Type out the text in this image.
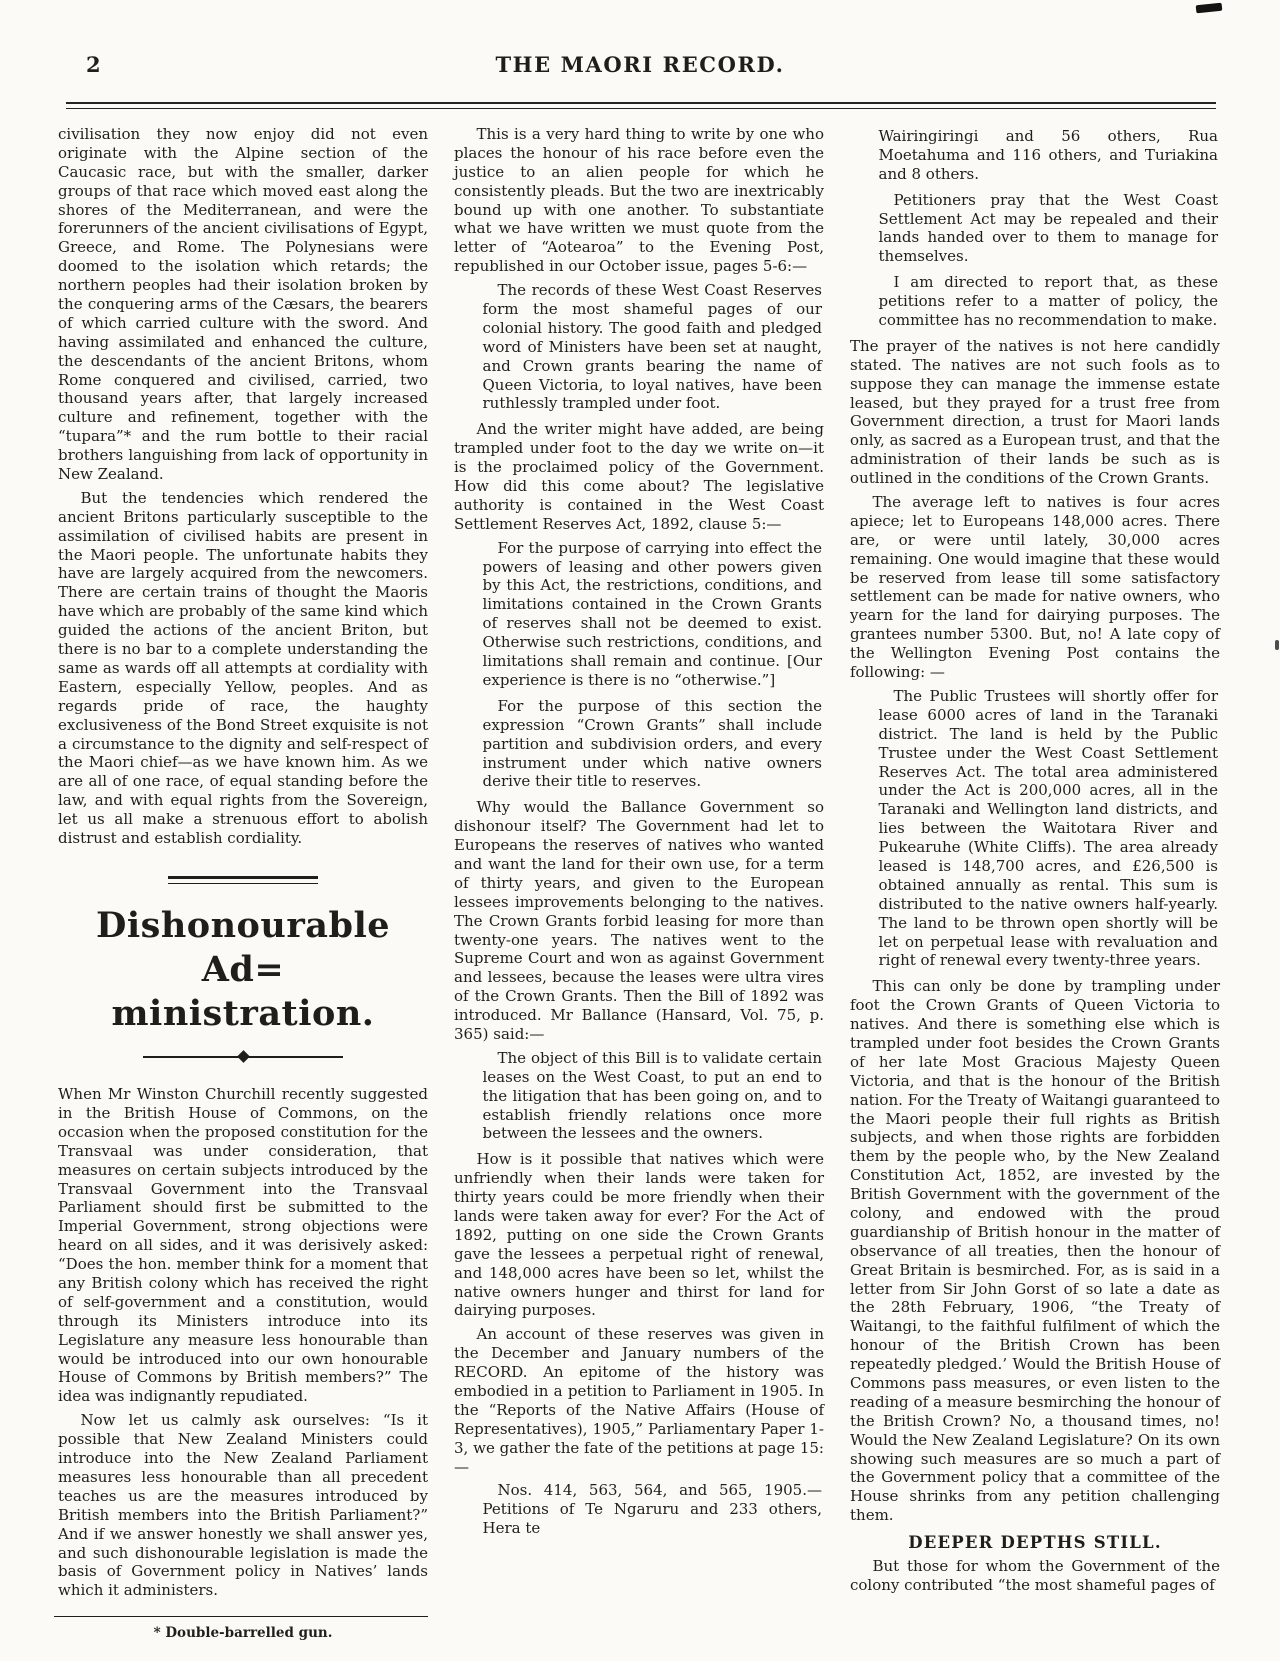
2	THE MAORI RECORD.

civilisation they now enjoy did not even originate with the Alpine section of the Caucasic race, but with the smaller, darker groups of that race which moved east along the shores of the Mediterranean, and were the forerunners of the ancient civilisations of Egypt, Greece, and Rome. The Polynesians were doomed to the isolation which retards; the northern peoples had their isolation broken by the conquering arms of the Cæsars, the bearers of which carried culture with the sword. And having assimilated and enhanced the culture, the descendants of the ancient Britons, whom Rome conquered and civilised, carried, two thousand years after, that largely increased culture and refinement, together with the “tupara”* and the rum bottle to their racial brothers languishing from lack of opportunity in New Zealand.

But the tendencies which rendered the ancient Britons particularly susceptible to the assimilation of civilised habits are present in the Maori people. The unfortunate habits they have are largely acquired from the newcomers. There are certain trains of thought the Maoris have which are probably of the same kind which guided the actions of the ancient Briton, but there is no bar to a complete understanding the same as wards off all attempts at cordiality with Eastern, especially Yellow, peoples. And as regards pride of race, the haughty exclusiveness of the Bond Street exquisite is not a circumstance to the dignity and self-respect of the Maori chief—as we have known him. As we are all of one race, of equal standing before the law, and with equal rights from the Sovereign, let us all make a strenuous effort to abolish distrust and establish cordiality.

Dishonourable Ad=
ministration.

When Mr Winston Churchill recently suggested in the British House of Commons, on the occasion when the proposed constitution for the Transvaal was under consideration, that measures on certain subjects introduced by the Transvaal Government into the Transvaal Parliament should first be submitted to the Imperial Government, strong objections were heard on all sides, and it was derisively asked: “Does the hon. member think for a moment that any British colony which has received the right of self-government and a constitution, would through its Ministers introduce into its Legislature any measure less honourable than would be introduced into our own honourable House of Commons by British members?” The idea was indignantly repudiated.

Now let us calmly ask ourselves: “Is it possible that New Zealand Ministers could introduce into the New Zealand Parliament measures less honourable than all precedent teaches us are the measures introduced by British members into the British Parliament?” And if we answer honestly we shall answer yes, and such dishonourable legislation is made the basis of Government policy in Natives’ lands which it administers.

* Double-barrelled gun.

This is a very hard thing to write by one who places the honour of his race before even the justice to an alien people for which he consistently pleads. But the two are inextricably bound up with one another. To substantiate what we have written we must quote from the letter of “Aotearoa” to the Evening Post, republished in our October issue, pages 5-6:—

The records of these West Coast Reserves form the most shameful pages of our colonial history. The good faith and pledged word of Ministers have been set at naught, and Crown grants bearing the name of Queen Victoria, to loyal natives, have been ruthlessly trampled under foot.

And the writer might have added, are being trampled under foot to the day we write on—it is the proclaimed policy of the Government. How did this come about? The legislative authority is contained in the West Coast Settlement Reserves Act, 1892, clause 5:—

For the purpose of carrying into effect the powers of leasing and other powers given by this Act, the restrictions, conditions, and limitations contained in the Crown Grants of reserves shall not be deemed to exist. Otherwise such restrictions, conditions, and limitations shall remain and continue. [Our experience is there is no “otherwise.”]

For the purpose of this section the expression “Crown Grants” shall include partition and subdivision orders, and every instrument under which native owners derive their title to reserves.

Why would the Ballance Government so dishonour itself? The Government had let to Europeans the reserves of natives who wanted and want the land for their own use, for a term of thirty years, and given to the European lessees improvements belonging to the natives. The Crown Grants forbid leasing for more than twenty-one years. The natives went to the Supreme Court and won as against Government and lessees, because the leases were ultra vires of the Crown Grants. Then the Bill of 1892 was introduced. Mr Ballance (Hansard, Vol. 75, p. 365) said:—

The object of this Bill is to validate certain leases on the West Coast, to put an end to the litigation that has been going on, and to establish friendly relations once more between the lessees and the owners.

How is it possible that natives which were unfriendly when their lands were taken for thirty years could be more friendly when their lands were taken away for ever? For the Act of 1892, putting on one side the Crown Grants gave the lessees a perpetual right of renewal, and 148,000 acres have been so let, whilst the native owners hunger and thirst for land for dairying purposes.

An account of these reserves was given in the December and January numbers of the RECORD. An epitome of the history was embodied in a petition to Parliament in 1905. In the “Reports of the Native Affairs (House of Representatives), 1905,” Parliamentary Paper 1-3, we gather the fate of the petitions at page 15:—

Nos. 414, 563, 564, and 565, 1905.—Petitions of Te Ngaruru and 233 others, Hera te

Wairingiringi and 56 others, Rua Moetahuma and 116 others, and Turiakina and 8 others.

Petitioners pray that the West Coast Settlement Act may be repealed and their lands handed over to them to manage for themselves.

I am directed to report that, as these petitions refer to a matter of policy, the committee has no recommendation to make.

The prayer of the natives is not here candidly stated. The natives are not such fools as to suppose they can manage the immense estate leased, but they prayed for a trust free from Government direction, a trust for Maori lands only, as sacred as a European trust, and that the administration of their lands be such as is outlined in the conditions of the Crown Grants.

The average left to natives is four acres apiece; let to Europeans 148,000 acres. There are, or were until lately, 30,000 acres remaining. One would imagine that these would be reserved from lease till some satisfactory settlement can be made for native owners, who yearn for the land for dairying purposes. The grantees number 5300. But, no! A late copy of the Wellington Evening Post contains the following: —

The Public Trustees will shortly offer for lease 6000 acres of land in the Taranaki district. The land is held by the Public Trustee under the West Coast Settlement Reserves Act. The total area administered under the Act is 200,000 acres, all in the Taranaki and Wellington land districts, and lies between the Waitotara River and Pukearuhe (White Cliffs). The area already leased is 148,700 acres, and £26,500 is obtained annually as rental. This sum is distributed to the native owners half-yearly. The land to be thrown open shortly will be let on perpetual lease with revaluation and right of renewal every twenty-three years.

This can only be done by trampling under foot the Crown Grants of Queen Victoria to natives. And there is something else which is trampled under foot besides the Crown Grants of her late Most Gracious Majesty Queen Victoria, and that is the honour of the British nation. For the Treaty of Waitangi guaranteed to the Maori people their full rights as British subjects, and when those rights are forbidden them by the people who, by the New Zealand Constitution Act, 1852, are invested by the British Government with the government of the colony, and endowed with the proud guardianship of British honour in the matter of observance of all treaties, then the honour of Great Britain is besmirched. For, as is said in a letter from Sir John Gorst of so late a date as the 28th February, 1906, “the Treaty of Waitangi, to the faithful fulfilment of which the honour of the British Crown has been repeatedly pledged.’ Would the British House of Commons pass measures, or even listen to the reading of a measure besmirching the honour of the British Crown? No, a thousand times, no! Would the New Zealand Legislature? On its own showing such measures are so much a part of the Government policy that a committee of the House shrinks from any petition challenging them.

DEEPER DEPTHS STILL.

But those for whom the Government of the colony contributed “the most shameful pages of
